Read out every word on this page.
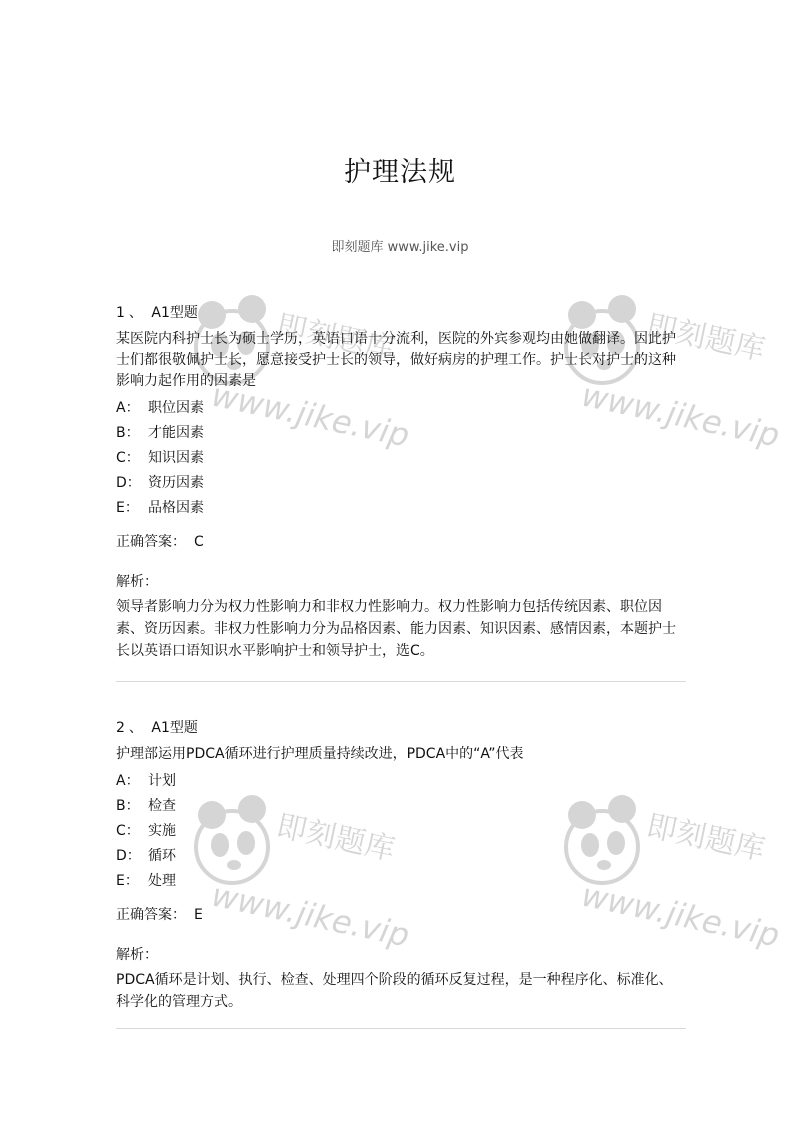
即刻题库
www.jike.vip
即刻题库
www.jike.vip
即刻题库
www.jike.vip
即刻题库
www.jike.vip
护理法规
即刻题库 www.jike.vip
1 、 A1型题
某医院内科护士长为硕士学历，英语口语十分流利，医院的外宾参观均由她做翻译。因此护士们都很敬佩护士长，愿意接受护士长的领导，做好病房的护理工作。护士长对护士的这种影响力起作用的因素是
A： 职位因素
B： 才能因素
C： 知识因素
D： 资历因素
E： 品格因素
正确答案： C
解析：
领导者影响力分为权力性影响力和非权力性影响力。权力性影响力包括传统因素、职位因素、资历因素。非权力性影响力分为品格因素、能力因素、知识因素、感情因素，本题护士长以英语口语知识水平影响护士和领导护士，选C。
2 、 A1型题
护理部运用PDCA循环进行护理质量持续改进，PDCA中的“A”代表
A： 计划
B： 检查
C： 实施
D： 循环
E： 处理
正确答案： E
解析：
PDCA循环是计划、执行、检查、处理四个阶段的循环反复过程，是一种程序化、标准化、科学化的管理方式。
